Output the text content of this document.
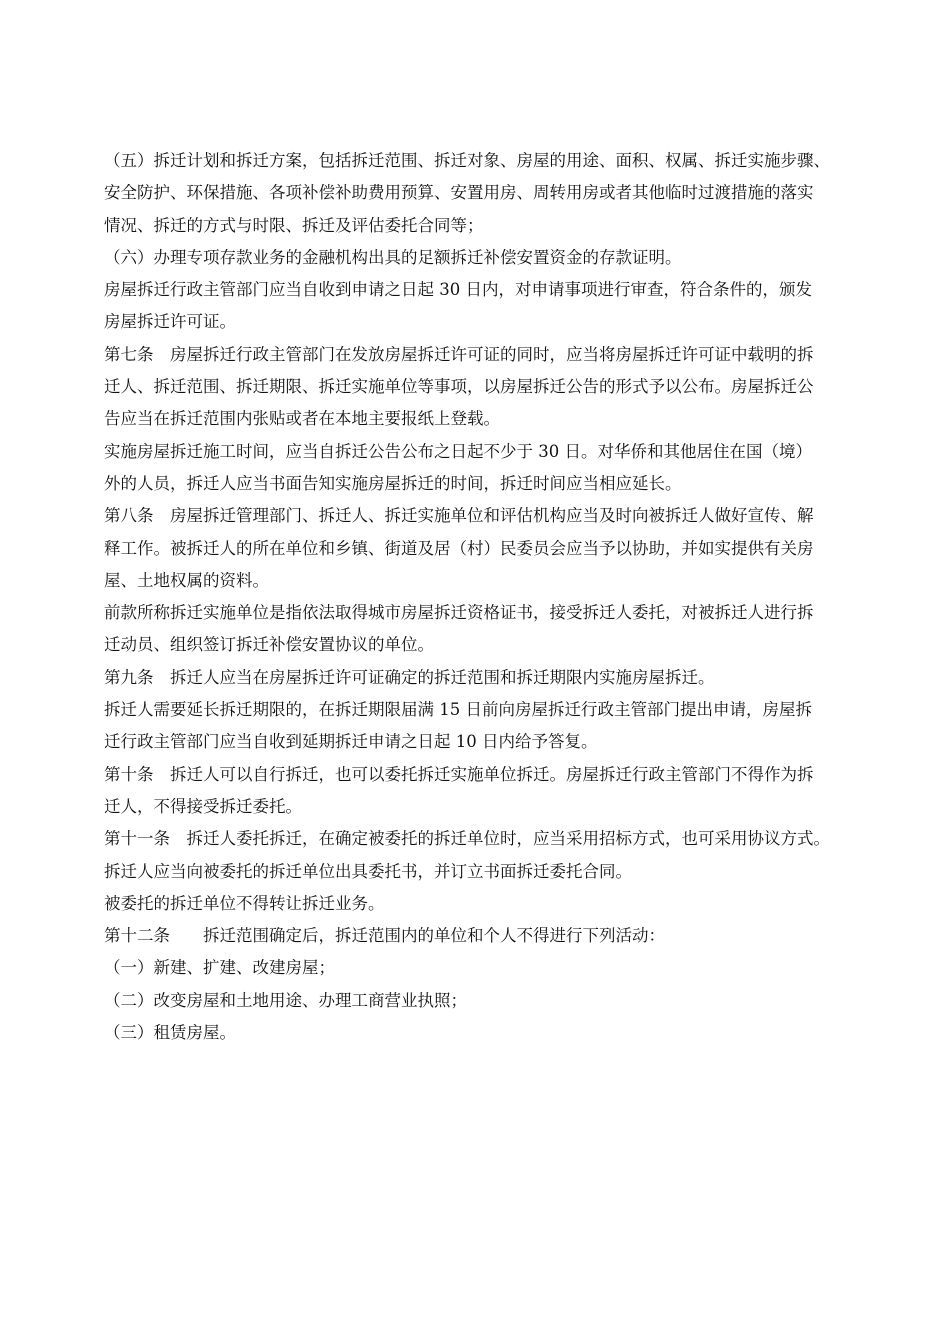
（五）拆迁计划和拆迁方案，包括拆迁范围、拆迁对象、房屋的用途、面积、权属、拆迁实施步骤、
安全防护、环保措施、各项补偿补助费用预算、安置用房、周转用房或者其他临时过渡措施的落实
情况、拆迁的方式与时限、拆迁及评估委托合同等；
（六）办理专项存款业务的金融机构出具的足额拆迁补偿安置资金的存款证明。
房屋拆迁行政主管部门应当自收到申请之日起 30 日内，对申请事项进行审查，符合条件的，颁发
房屋拆迁许可证。
第七条　房屋拆迁行政主管部门在发放房屋拆迁许可证的同时，应当将房屋拆迁许可证中载明的拆
迁人、拆迁范围、拆迁期限、拆迁实施单位等事项，以房屋拆迁公告的形式予以公布。房屋拆迁公
告应当在拆迁范围内张贴或者在本地主要报纸上登载。
实施房屋拆迁施工时间，应当自拆迁公告公布之日起不少于 30 日。对华侨和其他居住在国（境）
外的人员，拆迁人应当书面告知实施房屋拆迁的时间，拆迁时间应当相应延长。
第八条　房屋拆迁管理部门、拆迁人、拆迁实施单位和评估机构应当及时向被拆迁人做好宣传、解
释工作。被拆迁人的所在单位和乡镇、街道及居（村）民委员会应当予以协助，并如实提供有关房
屋、土地权属的资料。
前款所称拆迁实施单位是指依法取得城市房屋拆迁资格证书，接受拆迁人委托，对被拆迁人进行拆
迁动员、组织签订拆迁补偿安置协议的单位。
第九条　拆迁人应当在房屋拆迁许可证确定的拆迁范围和拆迁期限内实施房屋拆迁。
拆迁人需要延长拆迁期限的，在拆迁期限届满 15 日前向房屋拆迁行政主管部门提出申请，房屋拆
迁行政主管部门应当自收到延期拆迁申请之日起 10 日内给予答复。
第十条　拆迁人可以自行拆迁，也可以委托拆迁实施单位拆迁。房屋拆迁行政主管部门不得作为拆
迁人，不得接受拆迁委托。
第十一条　拆迁人委托拆迁，在确定被委托的拆迁单位时，应当采用招标方式，也可采用协议方式。
拆迁人应当向被委托的拆迁单位出具委托书，并订立书面拆迁委托合同。
被委托的拆迁单位不得转让拆迁业务。
第十二条　　拆迁范围确定后，拆迁范围内的单位和个人不得进行下列活动：
（一）新建、扩建、改建房屋；
（二）改变房屋和土地用途、办理工商营业执照；
（三）租赁房屋。
